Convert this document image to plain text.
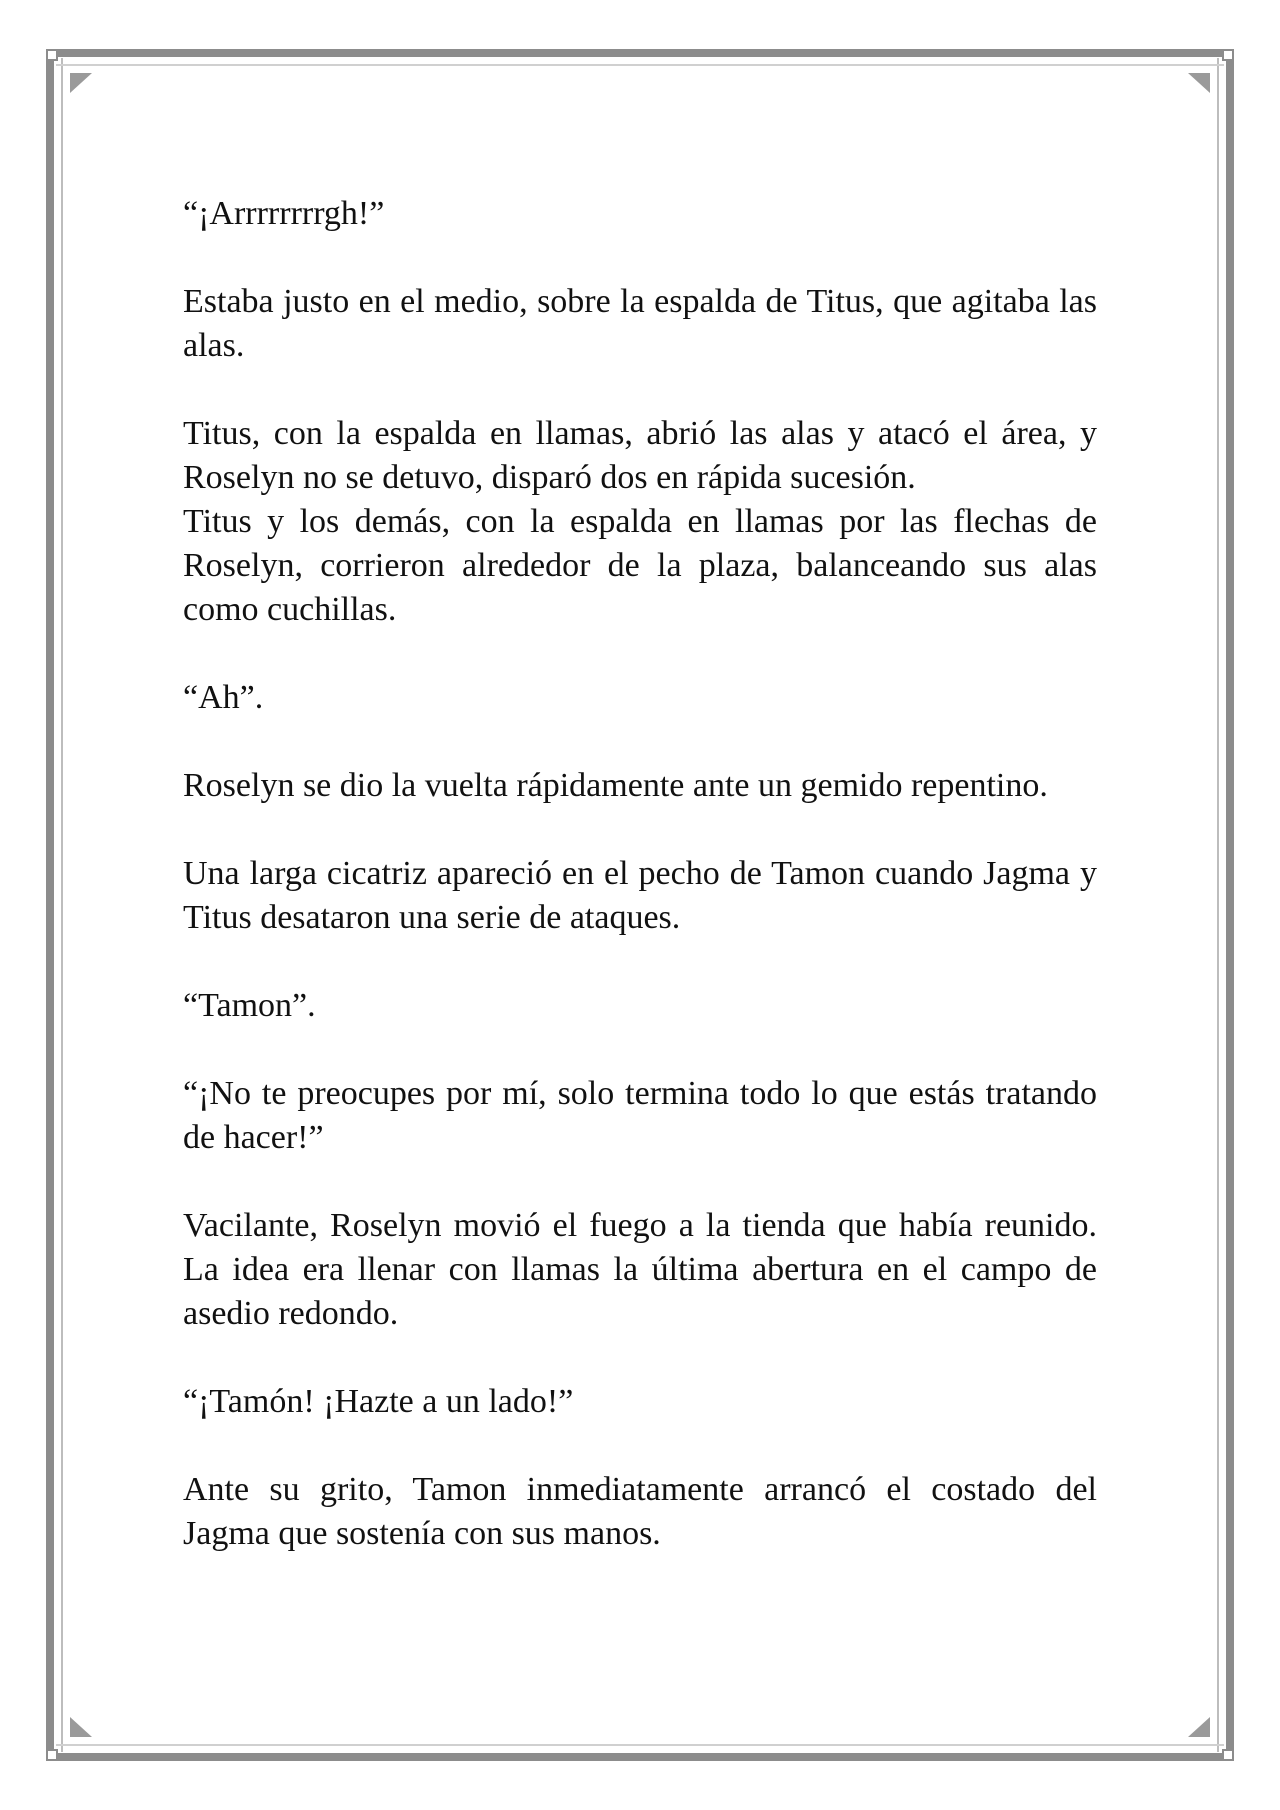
“¡Arrrrrrrrgh!”

Estaba justo en el medio, sobre la espalda de Titus, que agitaba las alas.

Titus, con la espalda en llamas, abrió las alas y atacó el área, y Roselyn no se detuvo, disparó dos en rápida sucesión.

Titus y los demás, con la espalda en llamas por las flechas de Roselyn, corrieron alrededor de la plaza, balanceando sus alas como cuchillas.

“Ah”.

Roselyn se dio la vuelta rápidamente ante un gemido repentino.

Una larga cicatriz apareció en el pecho de Tamon cuando Jagma y Titus desataron una serie de ataques.

“Tamon”.

“¡No te preocupes por mí, solo termina todo lo que estás tratando de hacer!”

Vacilante, Roselyn movió el fuego a la tienda que había reunido. La idea era llenar con llamas la última abertura en el campo de asedio redondo.

“¡Tamón! ¡Hazte a un lado!”

Ante su grito, Tamon inmediatamente arrancó el costado del Jagma que sostenía con sus manos.
